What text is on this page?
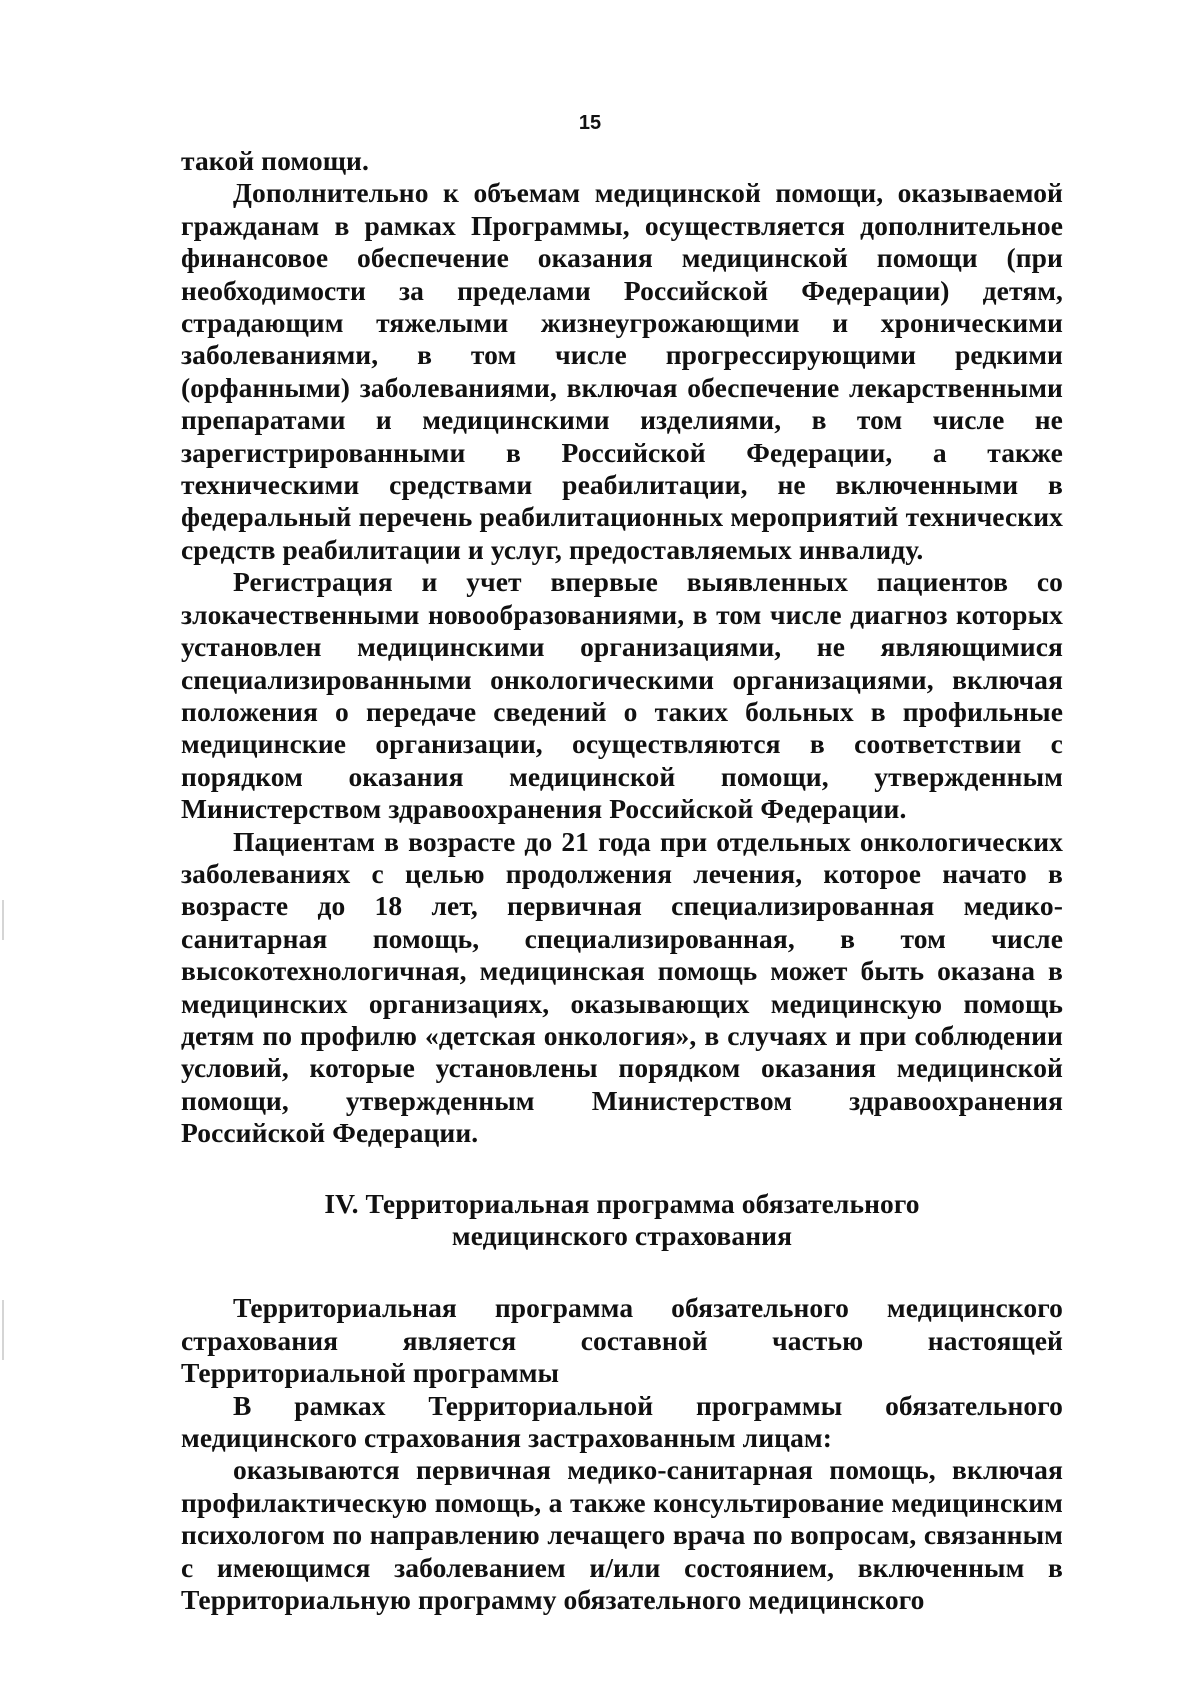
15

такой помощи.

Дополнительно к объемам медицинской помощи, оказываемой гражданам в рамках Программы, осуществляется дополнительное финансовое обеспечение оказания медицинской помощи (при необходимости за пределами Российской Федерации) детям, страдающим тяжелыми жизнеугрожающими и хроническими заболеваниями, в том числе прогрессирующими редкими (орфанными) заболеваниями, включая обеспечение лекарственными препаратами и медицинскими изделиями, в том числе не зарегистрированными в Российской Федерации, а также техническими средствами реабилитации, не включенными в федеральный перечень реабилитационных мероприятий технических средств реабилитации и услуг, предоставляемых инвалиду.

Регистрация и учет впервые выявленных пациентов со злокачественными новообразованиями, в том числе диагноз которых установлен медицинскими организациями, не являющимися специализированными онкологическими организациями, включая положения о передаче сведений о таких больных в профильные медицинские организации, осуществляются в соответствии с порядком оказания медицинской помощи, утвержденным Министерством здравоохранения Российской Федерации.

Пациентам в возрасте до 21 года при отдельных онкологических заболеваниях с целью продолжения лечения, которое начато в возрасте до 18 лет, первичная специализированная медико-санитарная помощь, специализированная, в том числе высокотехнологичная, медицинская помощь может быть оказана в медицинских организациях, оказывающих медицинскую помощь детям по профилю «детская онкология», в случаях и при соблюдении условий, которые установлены порядком оказания медицинской помощи, утвержденным Министерством здравоохранения Российской Федерации.

IV. Территориальная программа обязательного
медицинского страхования

Территориальная программа обязательного медицинского страхования является составной частью настоящей Территориальной программы

В рамках Территориальной программы обязательного медицинского страхования застрахованным лицам:

оказываются первичная медико-санитарная помощь, включая профилактическую помощь, а также консультирование медицинским психологом по направлению лечащего врача по вопросам, связанным с имеющимся заболеванием и/или состоянием, включенным в Территориальную программу обязательного медицинского
